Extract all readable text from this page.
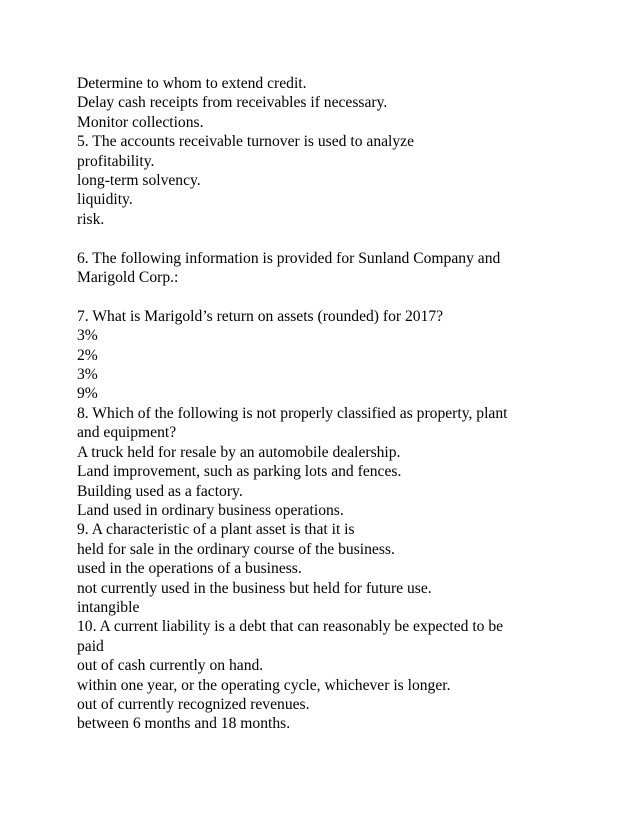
Determine to whom to extend credit.
Delay cash receipts from receivables if necessary.
Monitor collections.
5. The accounts receivable turnover is used to analyze
profitability.
long-term solvency.
liquidity.
risk.
6. The following information is provided for Sunland Company and
Marigold Corp.:
7. What is Marigold’s return on assets (rounded) for 2017?
3%
2%
3%
9%
8. Which of the following is not properly classified as property, plant
and equipment?
A truck held for resale by an automobile dealership.
Land improvement, such as parking lots and fences.
Building used as a factory.
Land used in ordinary business operations.
9. A characteristic of a plant asset is that it is
held for sale in the ordinary course of the business.
used in the operations of a business.
not currently used in the business but held for future use.
intangible
10. A current liability is a debt that can reasonably be expected to be
paid
out of cash currently on hand.
within one year, or the operating cycle, whichever is longer.
out of currently recognized revenues.
between 6 months and 18 months.
